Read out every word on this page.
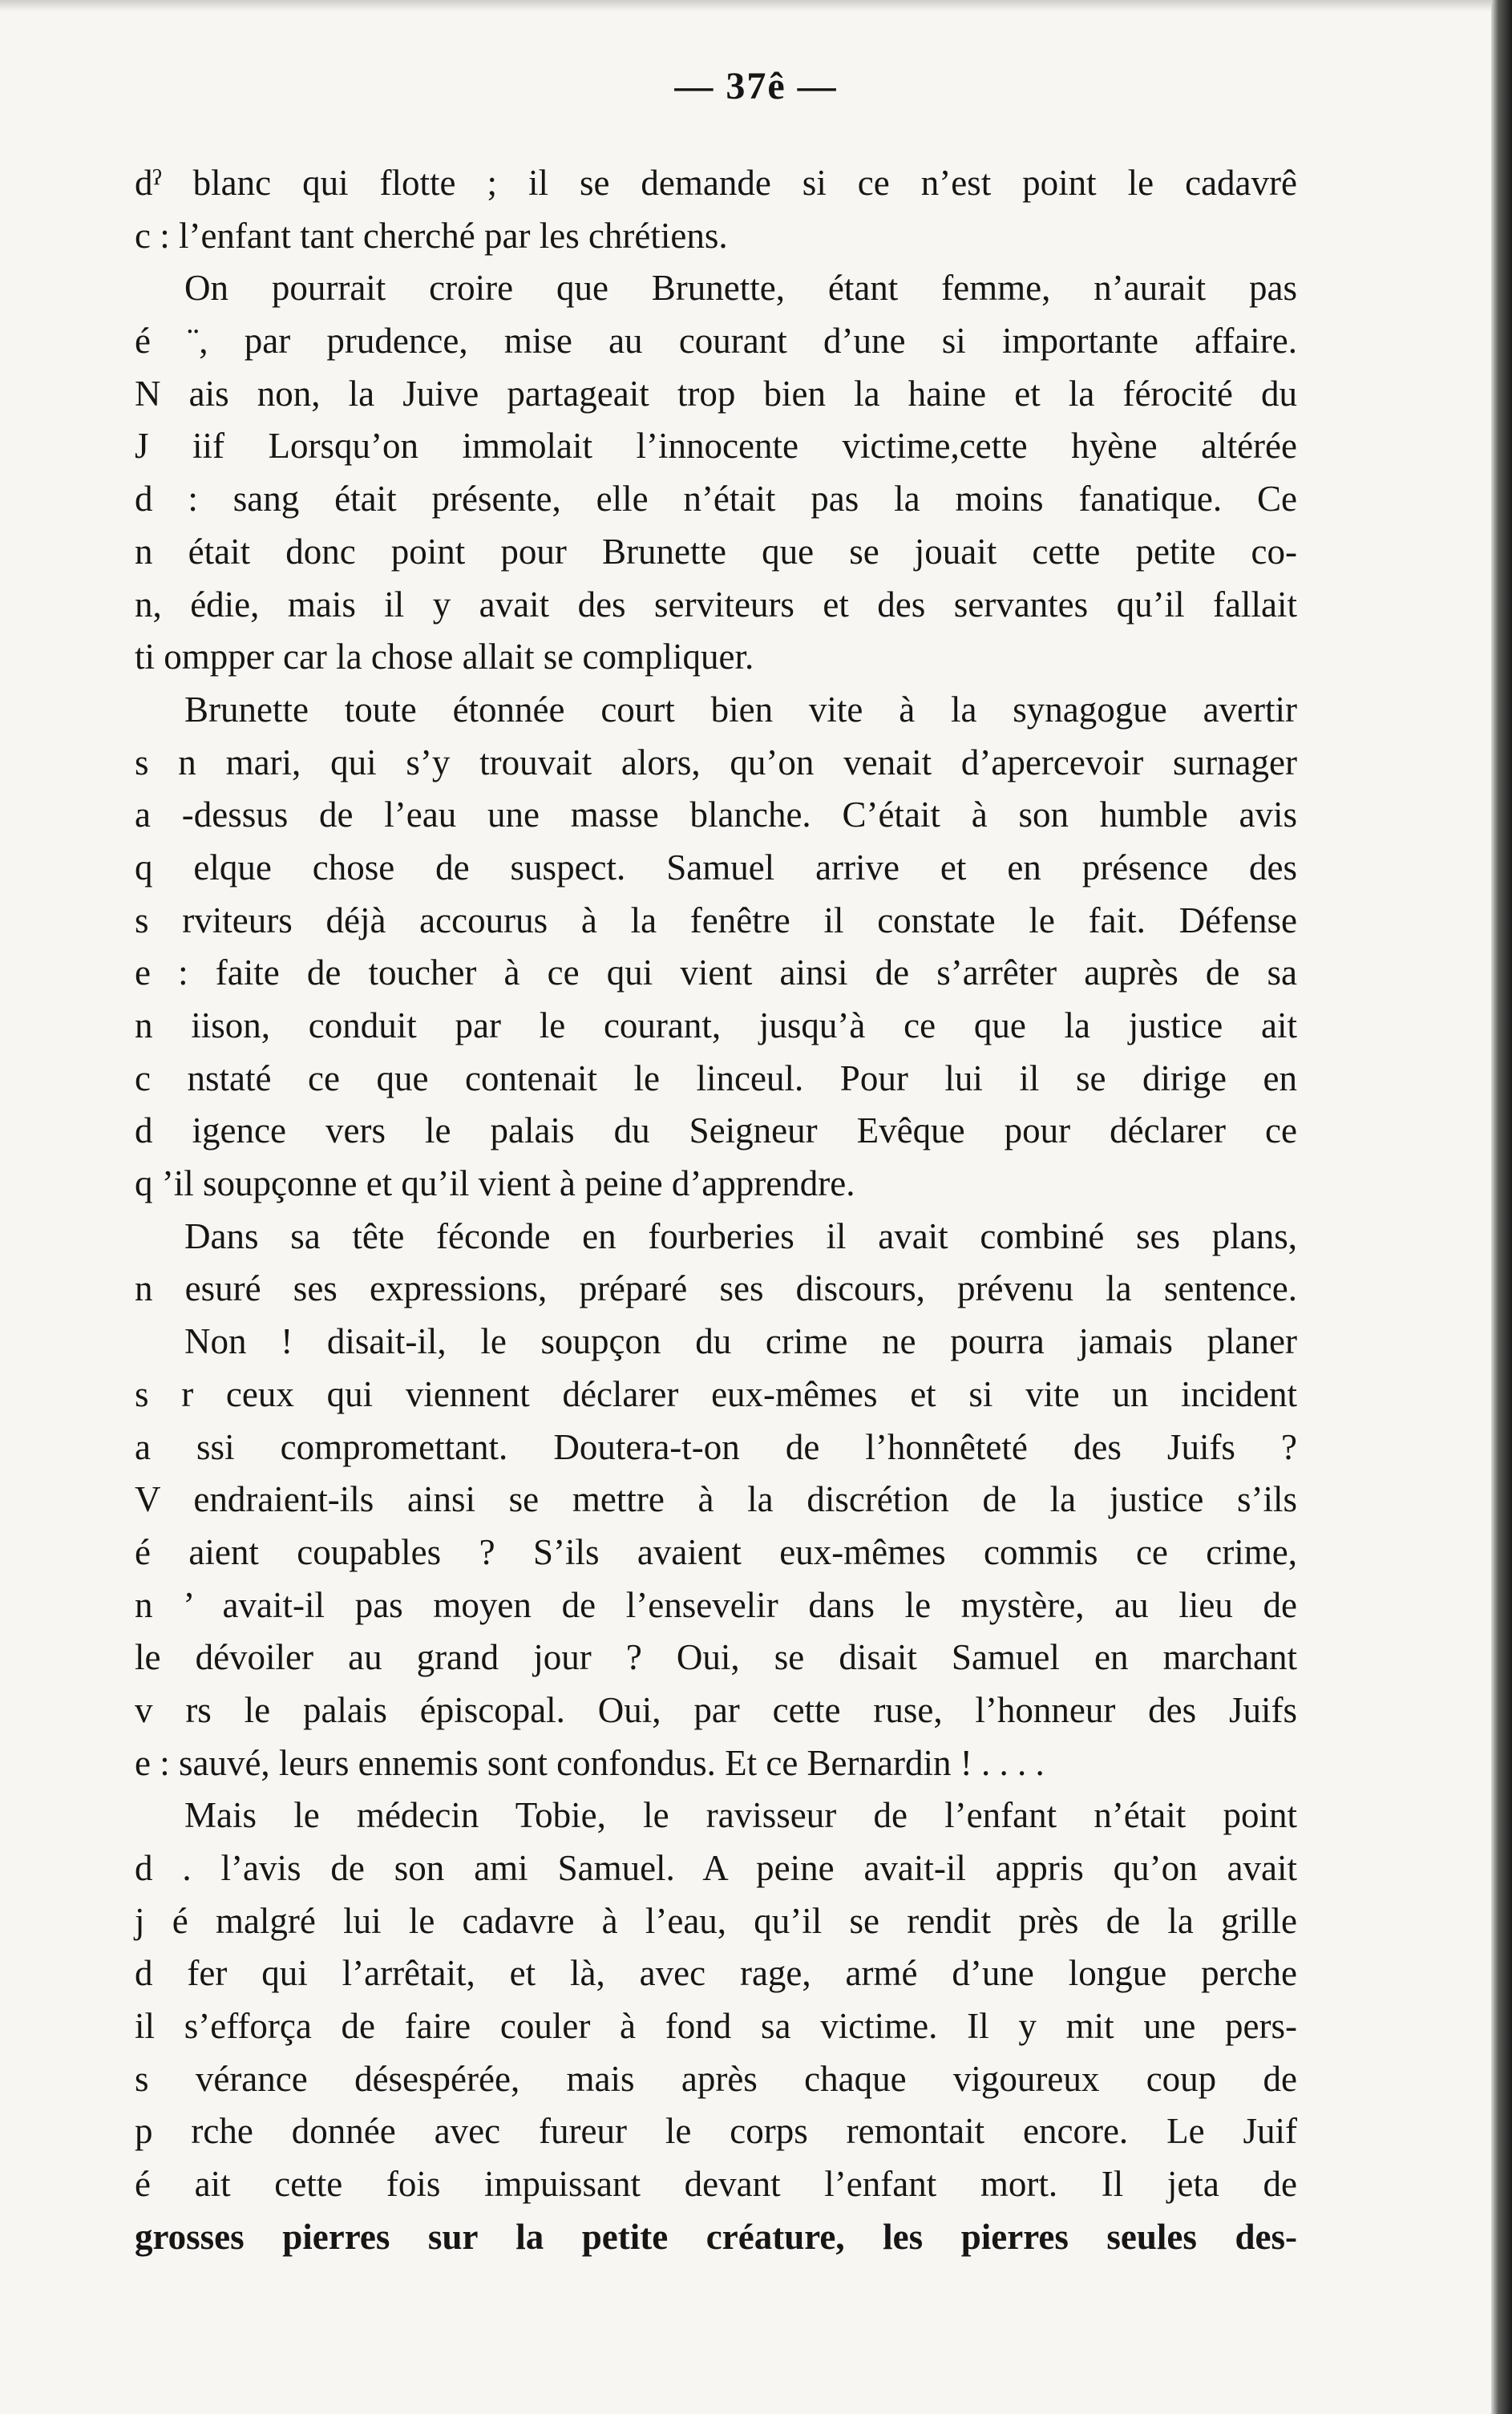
— 37ê —
dˀ blanc qui flotte ; il se demande si ce n’est point le cadavrê
c : l’enfant tant cherché par les chrétiens.
On pourrait croire que Brunette, étant femme, n’aurait pas
é ¨, par prudence, mise au courant d’une si importante affaire.
N ais non, la Juive partageait trop bien la haine et la férocité du
J iif Lorsqu’on immolait l’innocente victime,cette hyène altérée
d : sang était présente, elle n’était pas la moins fanatique. Ce
n était donc point pour Brunette que se jouait cette petite co-
n, édie, mais il y avait des serviteurs et des servantes qu’il fallait
ti ompper car la chose allait se compliquer.
Brunette toute étonnée court bien vite à la synagogue avertir
s n mari, qui s’y trouvait alors, qu’on venait d’apercevoir surnager
a -dessus de l’eau une masse blanche. C’était à son humble avis
q elque chose de suspect. Samuel arrive et en présence des
s rviteurs déjà accourus à la fenêtre il constate le fait. Défense
e : faite de toucher à ce qui vient ainsi de s’arrêter auprès de sa
n iison, conduit par le courant, jusqu’à ce que la justice ait
c nstaté ce que contenait le linceul. Pour lui il se dirige en
d igence vers le palais du Seigneur Evêque pour déclarer ce
q ’il soupçonne et qu’il vient à peine d’apprendre.
Dans sa tête féconde en fourberies il avait combiné ses plans,
n esuré ses expressions, préparé ses discours, prévenu la sentence.
Non ! disait-il, le soupçon du crime ne pourra jamais planer
s r ceux qui viennent déclarer eux-mêmes et si vite un incident
a ssi compromettant. Doutera-t-on de l’honnêteté des Juifs ?
V endraient-ils ainsi se mettre à la discrétion de la justice s’ils
é aient coupables ? S’ils avaient eux-mêmes commis ce crime,
n ’ avait-il pas moyen de l’ensevelir dans le mystère, au lieu de
le dévoiler au grand jour ? Oui, se disait Samuel en marchant
v rs le palais épiscopal. Oui, par cette ruse, l’honneur des Juifs
e : sauvé, leurs ennemis sont confondus. Et ce Bernardin ! . . . .
Mais le médecin Tobie, le ravisseur de l’enfant n’était point
d . l’avis de son ami Samuel. A peine avait-il appris qu’on avait
j é malgré lui le cadavre à l’eau, qu’il se rendit près de la grille
d fer qui l’arrêtait, et là, avec rage, armé d’une longue perche
il s’efforça de faire couler à fond sa victime. Il y mit une pers-
s vérance désespérée, mais après chaque vigoureux coup de
p rche donnée avec fureur le corps remontait encore. Le Juif
é ait cette fois impuissant devant l’enfant mort. Il jeta de
grosses pierres sur la petite créature, les pierres seules des-
